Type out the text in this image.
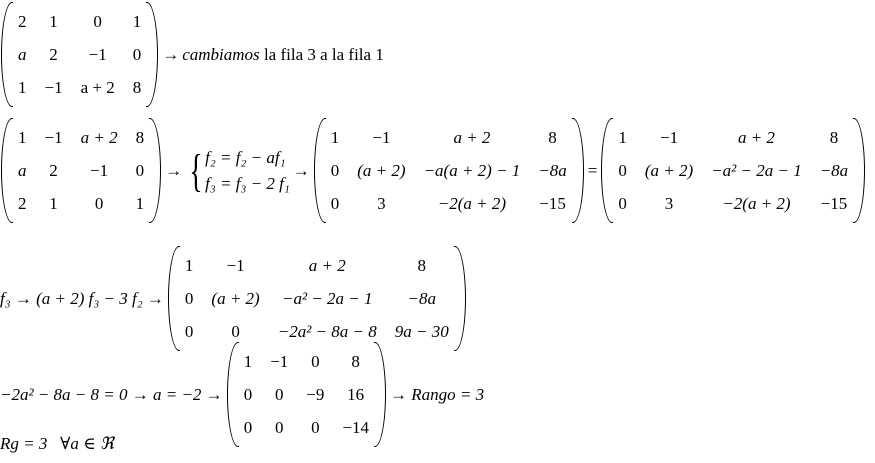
2	1	0	1
a	2	−1	0
1	−1	a + 2	8
→ cambiamos la fila 3 a la fila 1
1	−1	a + 2	8
a	2	−1	0
2	1	0	1
→ { f₂ = f₂ − af₁
f₃ = f₃ − 2 f₁
→
1	−1	a + 2	8
0	(a + 2)	−a(a + 2) − 1	−8a
0	3	−2(a + 2)	−15
=
1	−1	a + 2	8
0	(a + 2)	−a² − 2a − 1	−8a
0	3	−2(a + 2)	−15
f₃ → (a + 2) f₃ − 3 f₂ →
1	−1	a + 2	8
0	(a + 2)	−a² − 2a − 1	−8a
0	0	−2a² − 8a − 8	9a − 30
−2a² − 8a − 8 = 0 → a = −2 →
1	−1	0	8
0	0	−9	16
0	0	0	−14
→ Rango = 3
Rg = 3   ∀a ∈ ℜ
